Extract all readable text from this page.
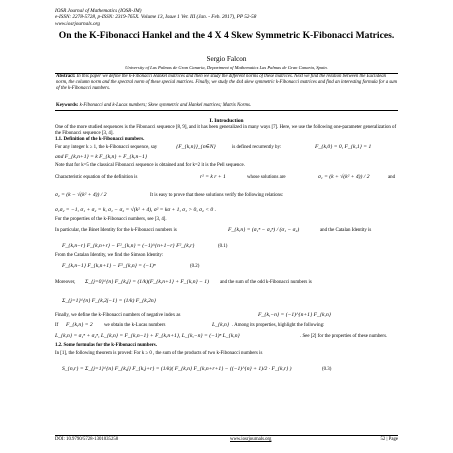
IOSR Journal of Mathematics (IOSR-JM)
e-ISSN: 2278-5728, p-ISSN: 2319-765X. Volume 13, Issue 1 Ver. III (Jan. - Feb. 2017), PP 52-58
www.iosrjournals.org
On the K-Fibonacci Hankel and the 4 X 4 Skew Symmetric K-Fibonacci Matrices.
Sergio Falcon
University of Las Palmas de Gran Canaria, Department of Mathematics Las Palmas de Gran Canaria, Spain.
Abstract: In this paper we define the k-Fibonacci Hankel matrices and then we study the different norms of these matrices. Next we find the relation between the Euclidean norm, the column norm and the spectral norm of these special matrices. Finally, we study the 4x4 skew symmetric k-Fibonacci matrices and find an interesting formula for a sum of the k-Fibonacci numbers.
Keywords: k-Fibonacci and k-Lucas numbers; Skew symmetric and Hankel matrices; Matrix Norms.
I. Introduction
One of the more studied sequences is the Fibonacci sequence [8, 9], and it has been generalized in many ways [7]. Here, we use the following one-parameter generalization of the Fibonacci sequence [3, 4].
1.1. Definition of the k-Fibonacci numbers.
For any integer k ≥ 1, the k-Fibonacci sequence, say	{F_{k,n}}_{n∈N}	is defined recurrently by:	F_{k,0} = 0, F_{k,1} = 1
and F_{k,n+1} = k F_{k,n} + F_{k,n−1}
Note that for k=5 the classical Fibonacci sequence is obtained and for k=2 it is the Pell sequence.
Characteristic equation of the definition is	r² = k r + 1	whose solutions are	σ₁ = (k + √(k² + 4)) / 2	and
σ₂ = (k − √(k² + 4)) / 2	It is easy to prove that these solutions verify the following relations:
σ₁σ₂ = −1, σ₁ + σ₂ = k, σ₁ − σ₂ = √(k² + 4), σ² = kσ + 1, σ₁ > 0, σ₂ < 0 .
For the properties of the k-Fibonacci numbers, see [3, 4].
In particular, the Binet Identity for the k-Fibonacci numbers is	F_{k,n} = (σ₁ⁿ − σ₂ⁿ) / (σ₁ − σ₂)	and the Catalan Identity is
F_{k,n−r} F_{k,n+r} − F²_{k,n} = (−1)^{n+1−r} F²_{k,r}	(0.1)
From the Catalan Identity, we find the Simson Identity:
F_{k,n−1} F_{k,n+1} − F²_{k,n} = (−1)ⁿ	(0.2)
Moreover,	Σ_{j=0}^{n} F_{k,j} = (1/k)(F_{k,n+1} + F_{k,n} − 1) and the sum of the odd k-Fibonacci numbers is
Σ_{j=1}^{n} F_{k,2j−1} = (1/k) F_{k,2n}
Finally, we define the k-Fibonacci numbers of negative index as	F_{k,−n} = (−1)^{n+1} F_{k,n}
If	F_{k,n} = 2 we obtain the k-Lucas numbers	L_{k,n} . Among its properties, highlight the following:
L_{k,n} = σ₁ⁿ + σ₂ⁿ, L_{k,n} = F_{k,n−1} + F_{k,n+1}, L_{k,−n} = (−1)ⁿ L_{k,n}	. See [2] for the properties of these numbers.
1.2. Some formulas for the k-Fibonacci numbers.
In [1], the following theorem is proved: For k ≥ 0 , the sum of the products of two k-Fibonacci numbers is
S_{n,r} = Σ_{j=1}^{n} F_{k,j} F_{k,j+r} = (1/k)( F_{k,n} F_{k,n+r+1} − ((−1)^{n} + 1)/2 · F_{k,r} )	(0.3)
DOI: 10.9790/5728-1301035258	www.iosrjournals.org	52 | Page
